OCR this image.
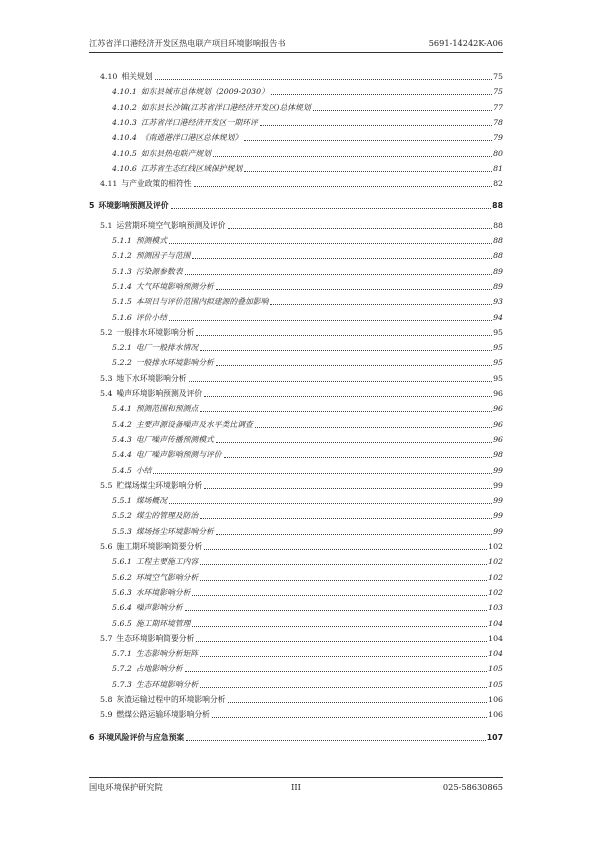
江苏省洋口港经济开发区热电联产项目环境影响报告书	5691-14242K-A06
4.10 相关规划	75
4.10.1 如东县城市总体规划（2009-2030）	75
4.10.2 如东县长沙镇(江苏省洋口港经济开发区)总体规划	77
4.10.3 江苏省洋口港经济开发区一期环评	78
4.10.4 《南通港洋口港区总体规划》	79
4.10.5 如东县热电联产规划	80
4.10.6 江苏省生态红线区域保护规划	81
4.11 与产业政策的相符性	82
5 环境影响预测及评价	88
5.1 运营期环境空气影响预测及评价	88
5.1.1 预测模式	88
5.1.2 预测因子与范围	88
5.1.3 污染源参数表	89
5.1.4 大气环境影响预测分析	89
5.1.5 本项目与评价范围内拟建源的叠加影响	93
5.1.6 评价小结	94
5.2 一般排水环境影响分析	95
5.2.1 电厂一般排水情况	95
5.2.2 一般排水环境影响分析	95
5.3 地下水环境影响分析	95
5.4 噪声环境影响预测及评价	96
5.4.1 预测范围和预测点	96
5.4.2 主要声源设备噪声及水平类比调查	96
5.4.3 电厂噪声传播预测模式	96
5.4.4 电厂噪声影响预测与评价	98
5.4.5 小结	99
5.5 贮煤场煤尘环境影响分析	99
5.5.1 煤场概况	99
5.5.2 煤尘的管理及防治	99
5.5.3 煤场扬尘环境影响分析	99
5.6 施工期环境影响简要分析	102
5.6.1 工程主要施工内容	102
5.6.2 环境空气影响分析	102
5.6.3 水环境影响分析	102
5.6.4 噪声影响分析	103
5.6.5 施工期环境管理	104
5.7 生态环境影响简要分析	104
5.7.1 生态影响分析矩阵	104
5.7.2 占地影响分析	105
5.7.3 生态环境影响分析	105
5.8 灰渣运输过程中的环境影响分析	106
5.9 燃煤公路运输环境影响分析	106
6 环境风险评价与应急预案	107
国电环境保护研究院	III	025-58630865
